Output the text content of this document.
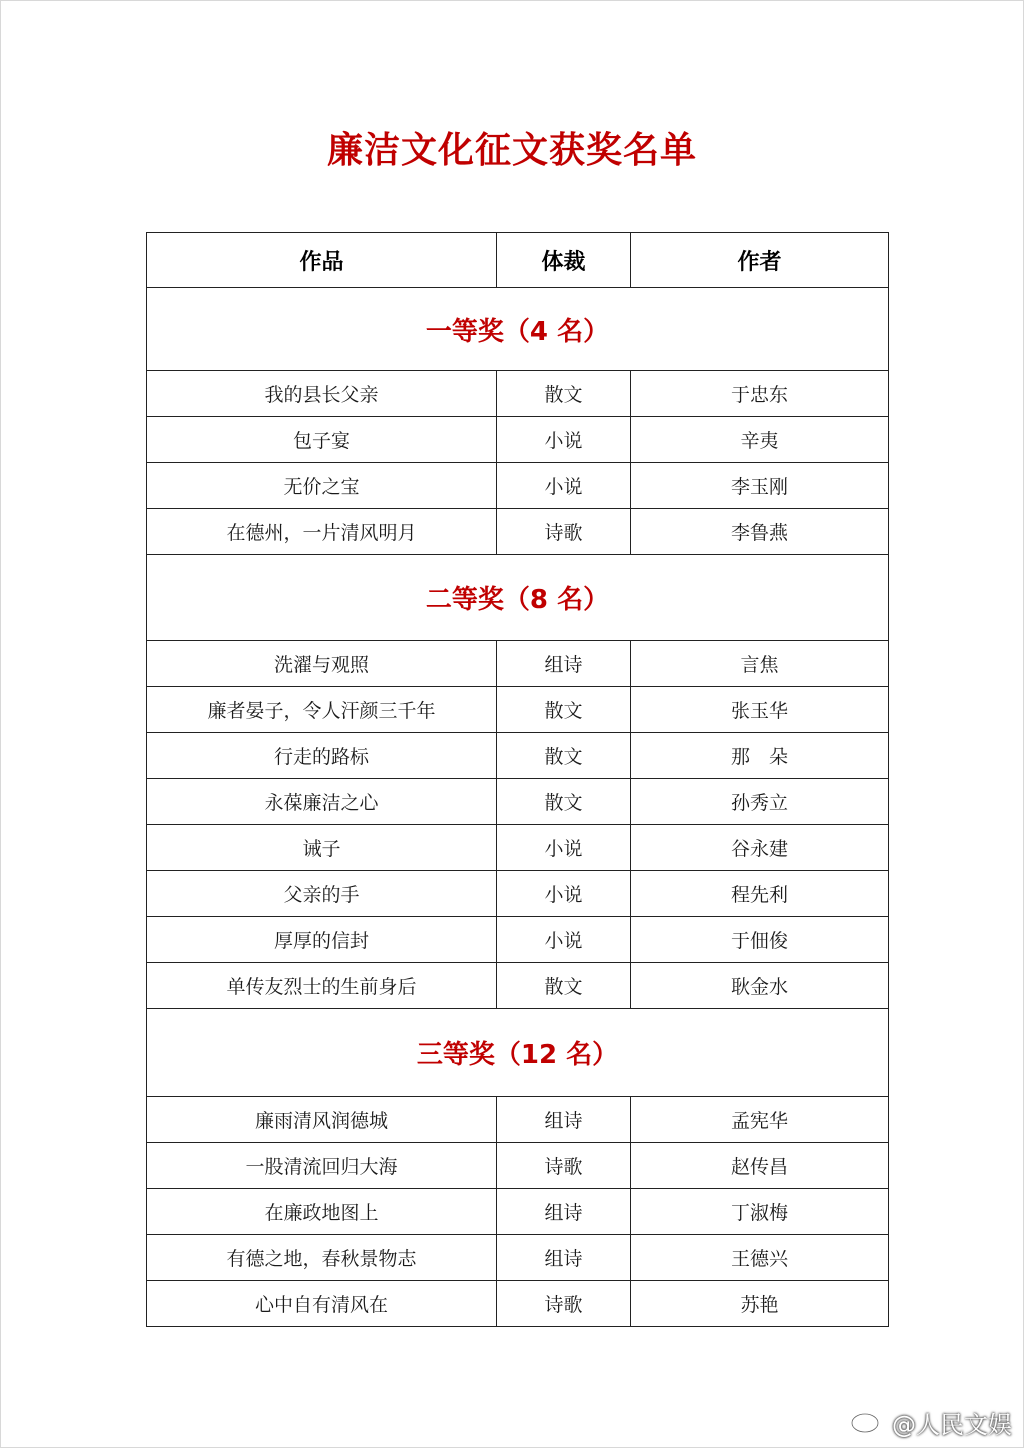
廉洁文化征文获奖名单
作品	体裁	作者
一等奖（4 名）		
我的县长父亲	散文	于忠东
包子宴	小说	辛夷
无价之宝	小说	李玉刚
在德州，一片清风明月	诗歌	李鲁燕
二等奖（8 名）		
洗濯与观照	组诗	言焦
廉者晏子，令人汗颜三千年	散文	张玉华
行走的路标	散文	那　朵
永葆廉洁之心	散文	孙秀立
诫子	小说	谷永建
父亲的手	小说	程先利
厚厚的信封	小说	于佃俊
单传友烈士的生前身后	散文	耿金水
三等奖（12 名）		
廉雨清风润德城	组诗	孟宪华
一股清流回归大海	诗歌	赵传昌
在廉政地图上	组诗	丁淑梅
有德之地，春秋景物志	组诗	王德兴
心中自有清风在	诗歌	苏艳
@人民文娱
